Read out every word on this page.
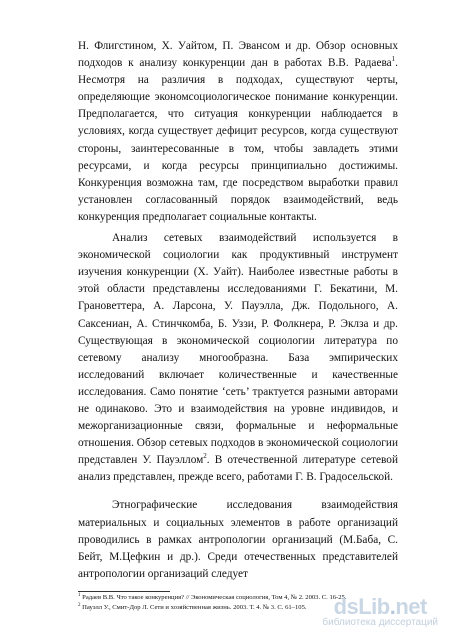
Н. Флигстином, Х. Уайтом, П. Эвансом и др. Обзор основных подходов к анализу конкуренции дан в работах В.В. Радаева$^1$. Несмотря на различия в подходах, существуют черты, определяющие экономсоциологическое понимание конкуренции. Предполагается, что ситуация конкуренции наблюдается в условиях, когда существует дефицит ресурсов, когда существуют стороны, заинтересованные в том, чтобы завладеть этими ресурсами, и когда ресурсы принципиально достижимы. Конкуренция возможна там, где посредством выработки правил установлен согласованный порядок взаимодействий, ведь конкуренция предполагает социальные контакты.

Анализ сетевых взаимодействий используется в экономической социологии как продуктивный инструмент изучения конкуренции (Х. Уайт). Наиболее известные работы в этой области представлены исследованиями Г. Бекатини, М. Грановеттера, А. Ларсона, У. Пауэлла, Дж. Подольного, А. Саксениан, А. Стинчкомба, Б. Уззи, Р. Фолкнера, Р. Эклза и др. Существующая в экономической социологии литература по сетевому анализу многообразна. База эмпирических исследований включает количественные и качественные исследования. Само понятие ‘сеть’ трактуется разными авторами не одинаково. Это и взаимодействия на уровне индивидов, и межорганизационные связи, формальные и неформальные отношения. Обзор сетевых подходов в экономической социологии представлен У. Пауэллом$^2$. В отечественной литературе сетевой анализ представлен, прежде всего, работами Г. В. Градосельской.

Этнографические исследования взаимодействия материальных и социальных элементов в работе организаций проводились в рамках антропологии организаций (М.Баба, С. Бейт, М.Цефкин и др.). Среди отечественных представителей антропологии организаций следует

$^1$ Радаев В.В. Что такое конкуренция? // Экономическая социология, Том 4, № 2. 2003. С. 16-25.

$^2$ Пауэлл У., Смит-Дор Л. Сети и хозяйственная жизнь. 2003. Т. 4. № 3. С. 61–105.	dsLib.net
библиотека диссертаций
